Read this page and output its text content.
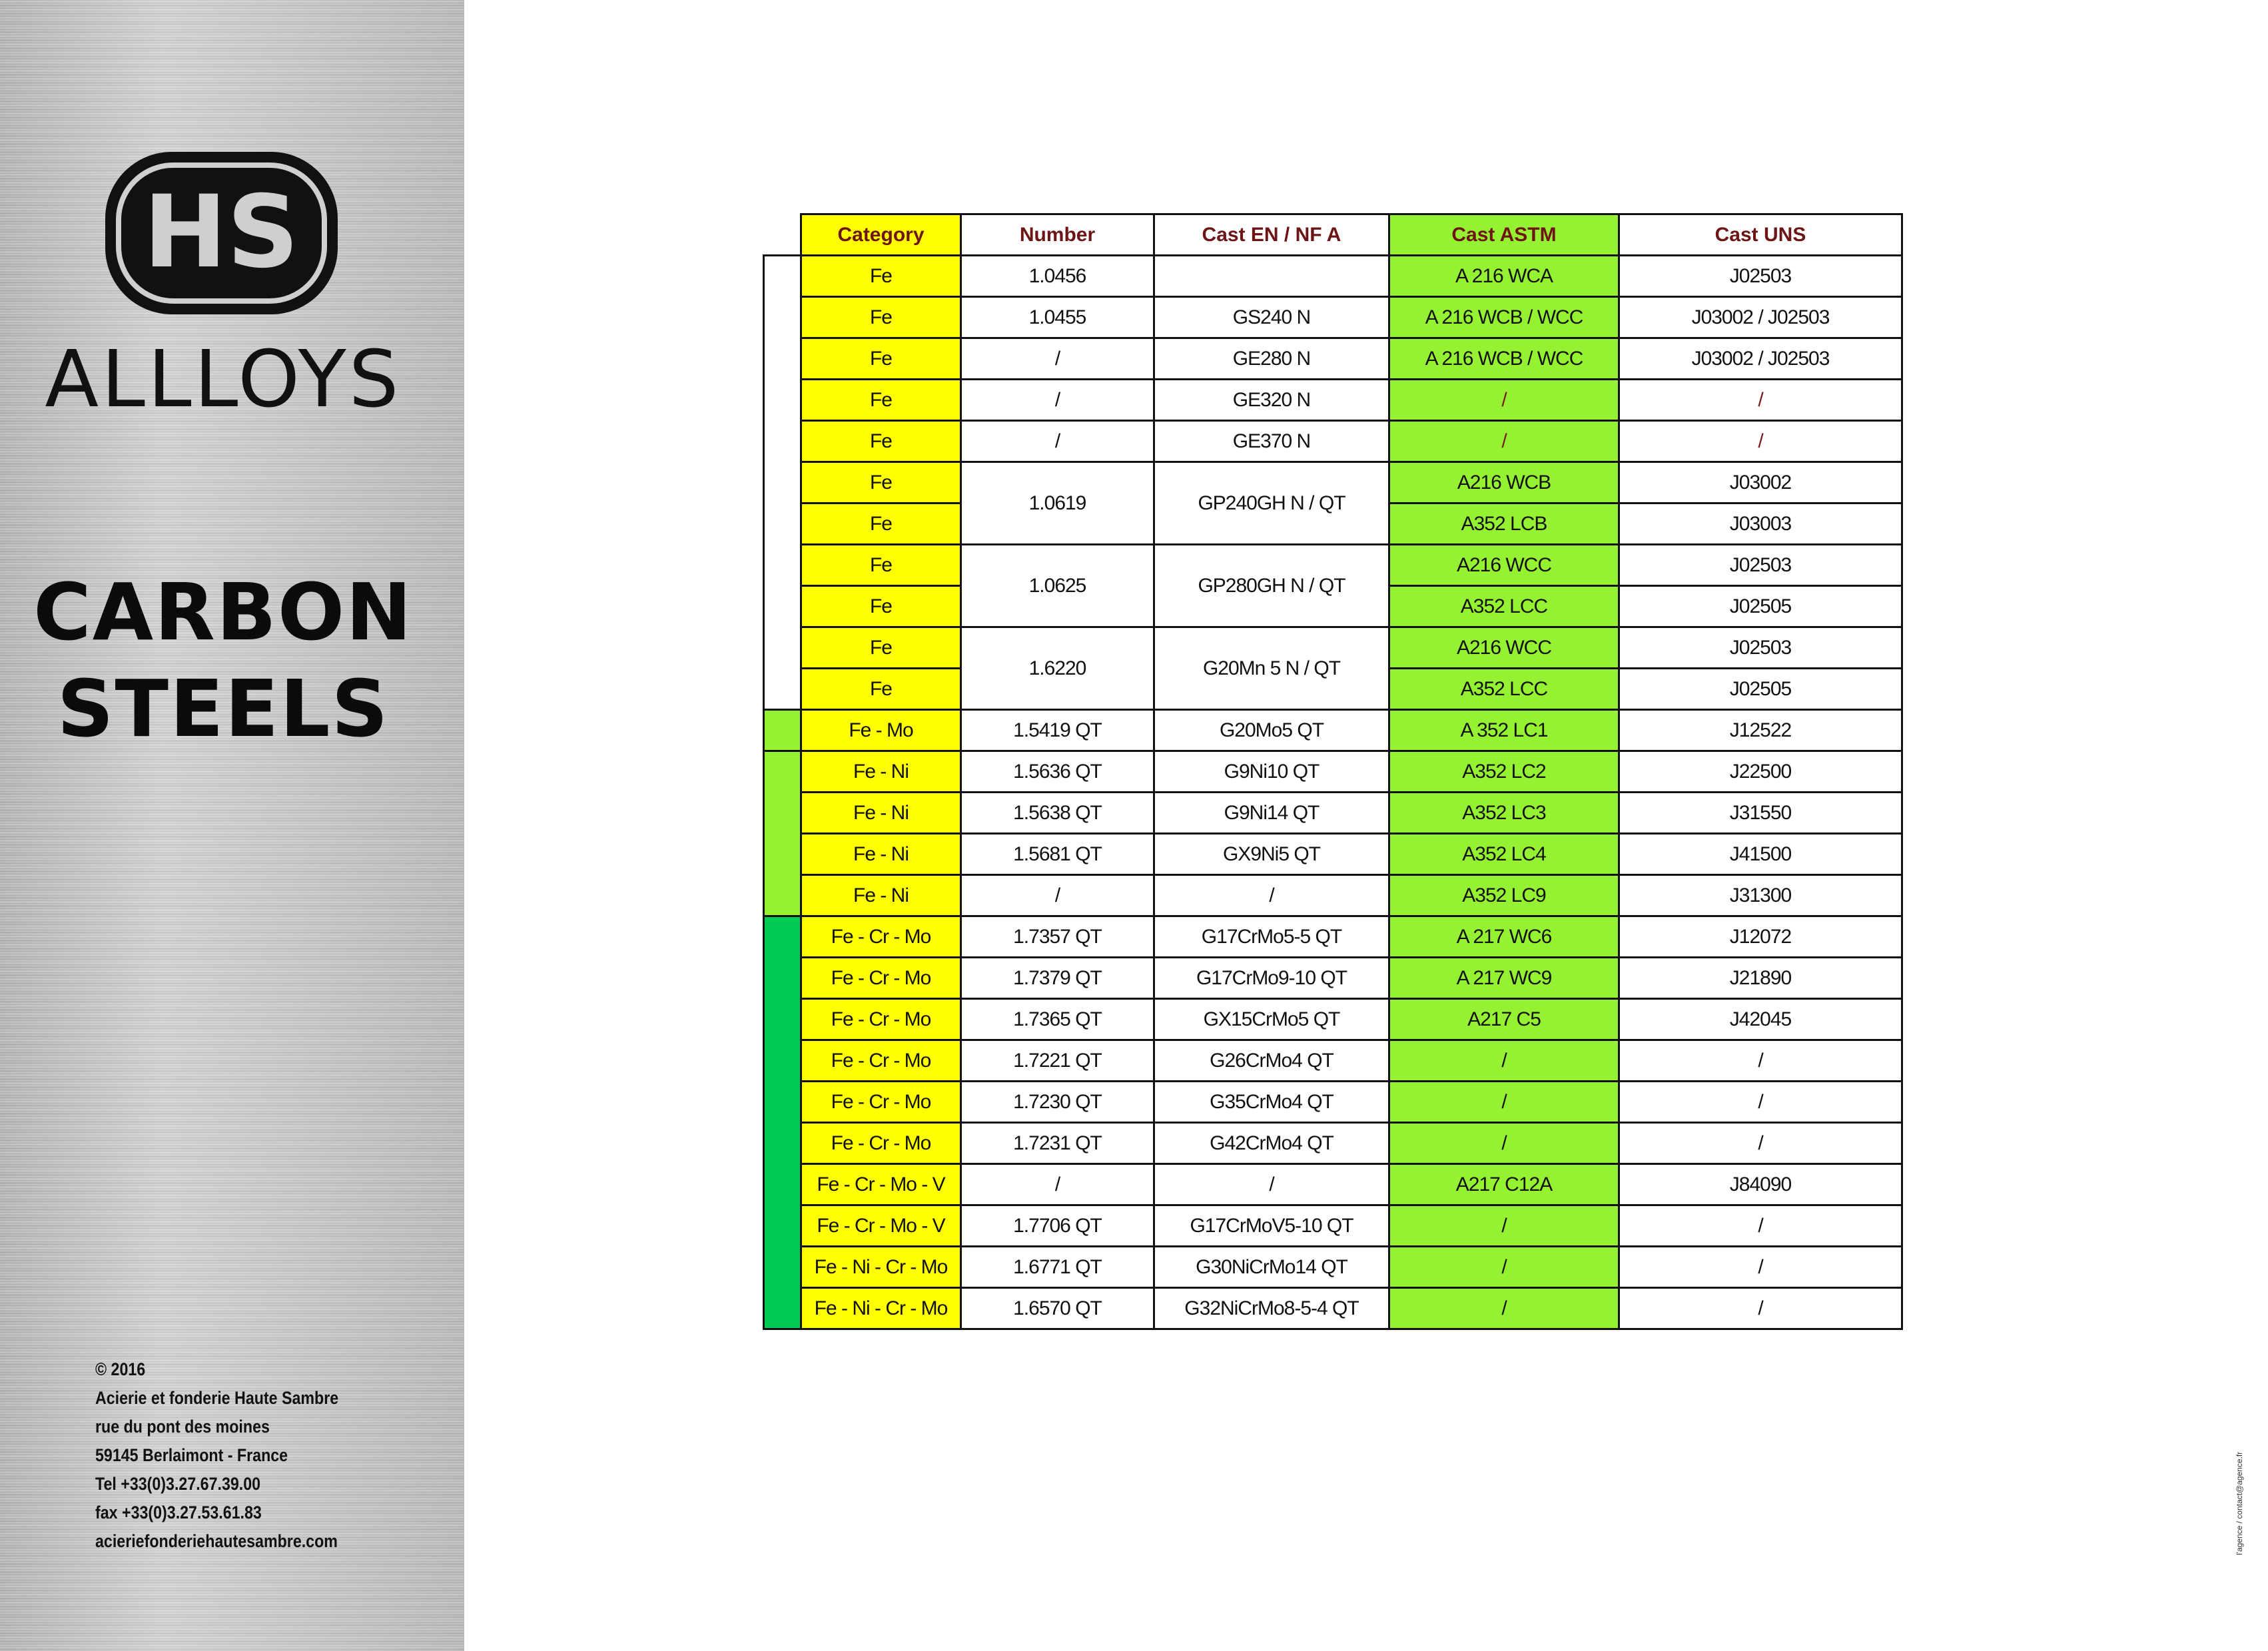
HS
ALLLOYS
CARBON
STEELS
© 2016
Acierie et fonderie Haute Sambre
rue du pont des moines
59145 Berlaimont - France
Tel +33(0)3.27.67.39.00
fax +33(0)3.27.53.61.83
acieriefonderiehautesambre.com
	Category	Number	Cast EN / NF A	Cast ASTM	Cast UNS
	Fe	1.0456		A 216 WCA	J02503
	Fe	1.0455	GS240 N	A 216 WCB / WCC	J03002 / J02503
	Fe	/	GE280 N	A 216 WCB / WCC	J03002 / J02503
	Fe	/	GE320 N	/	/
	Fe	/	GE370 N	/	/
	Fe	1.0619	GP240GH N / QT	A216 WCB	J03002
	Fe			A352 LCB	J03003
	Fe	1.0625	GP280GH N / QT	A216 WCC	J02503
	Fe			A352 LCC	J02505
	Fe	1.6220	G20Mn 5 N / QT	A216 WCC	J02503
	Fe			A352 LCC	J02505
	Fe - Mo	1.5419 QT	G20Mo5 QT	A 352 LC1	J12522
	Fe - Ni	1.5636 QT	G9Ni10 QT	A352 LC2	J22500
	Fe - Ni	1.5638 QT	G9Ni14 QT	A352 LC3	J31550
	Fe - Ni	1.5681 QT	GX9Ni5 QT	A352 LC4	J41500
	Fe - Ni	/	/	A352 LC9	J31300
	Fe - Cr - Mo	1.7357 QT	G17CrMo5-5 QT	A 217 WC6	J12072
	Fe - Cr - Mo	1.7379 QT	G17CrMo9-10 QT	A 217 WC9	J21890
	Fe - Cr - Mo	1.7365 QT	GX15CrMo5 QT	A217 C5	J42045
	Fe - Cr - Mo	1.7221 QT	G26CrMo4 QT	/	/
	Fe - Cr - Mo	1.7230 QT	G35CrMo4 QT	/	/
	Fe - Cr - Mo	1.7231 QT	G42CrMo4 QT	/	/
	Fe - Cr - Mo - V	/	/	A217 C12A	J84090
	Fe - Cr - Mo - V	1.7706 QT	G17CrMoV5-10 QT	/	/
	Fe - Ni - Cr - Mo	1.6771 QT	G30NiCrMo14 QT	/	/
	Fe - Ni - Cr - Mo	1.6570 QT	G32NiCrMo8-5-4 QT	/	/
l'agence / contact@agence.fr
